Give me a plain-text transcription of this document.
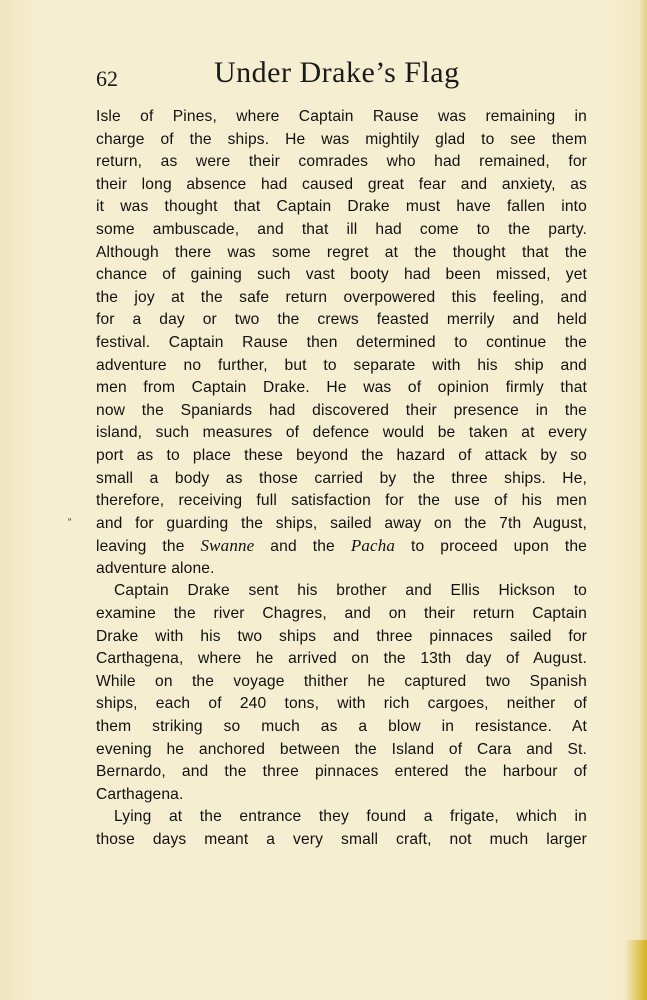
62	Under Drake’s Flag
“
Isle of Pines, where Captain Rause was remaining in
charge of the ships. He was mightily glad to see them
return, as were their comrades who had remained, for
their long absence had caused great fear and anxiety, as
it was thought that Captain Drake must have fallen into
some ambuscade, and that ill had come to the party.
Although there was some regret at the thought that the
chance of gaining such vast booty had been missed, yet
the joy at the safe return overpowered this feeling, and
for a day or two the crews feasted merrily and held
festival. Captain Rause then determined to continue the
adventure no further, but to separate with his ship and
men from Captain Drake. He was of opinion firmly that
now the Spaniards had discovered their presence in the
island, such measures of defence would be taken at every
port as to place these beyond the hazard of attack by so
small a body as those carried by the three ships. He,
therefore, receiving full satisfaction for the use of his men
and for guarding the ships, sailed away on the 7th August,
leaving the Swanne and the Pacha to proceed upon the
adventure alone.
Captain Drake sent his brother and Ellis Hickson to
examine the river Chagres, and on their return Captain
Drake with his two ships and three pinnaces sailed for
Carthagena, where he arrived on the 13th day of August.
While on the voyage thither he captured two Spanish
ships, each of 240 tons, with rich cargoes, neither of
them striking so much as a blow in resistance. At
evening he anchored between the Island of Cara and St.
Bernardo, and the three pinnaces entered the harbour of
Carthagena.
Lying at the entrance they found a frigate, which in
those days meant a very small craft, not much larger
